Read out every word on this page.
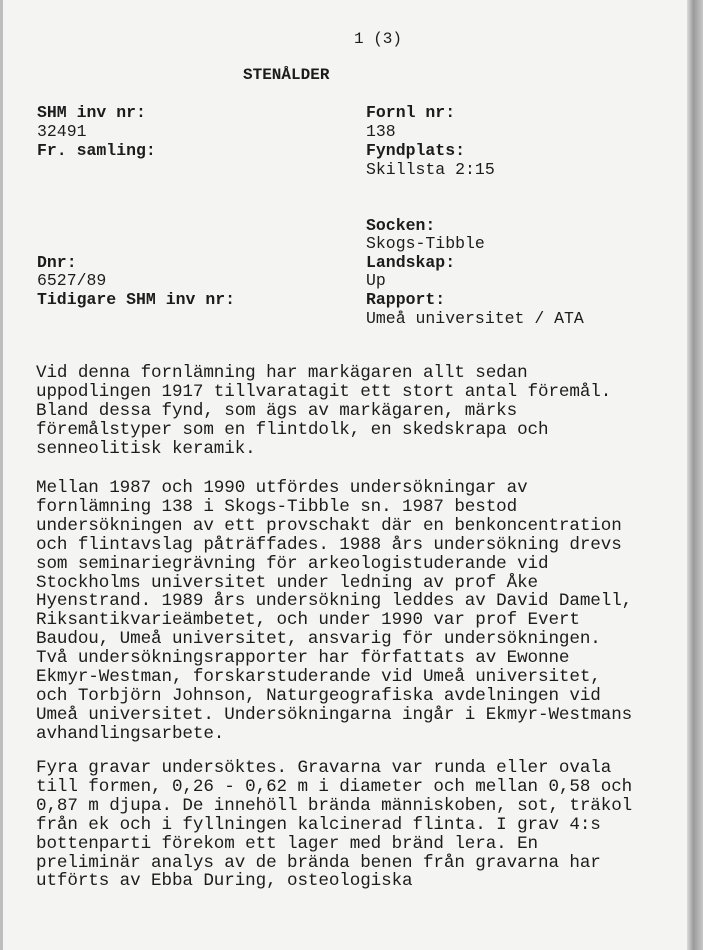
1 (3)
STENÅLDER
SHM inv nr:
32491
Fr. samling:
Dnr:
6527/89
Tidigare SHM inv nr:
Fornl nr:
138
Fyndplats:
Skillsta 2:15
Socken:
Skogs-Tibble
Landskap:
Up
Rapport:
Umeå universitet / ATA

Vid denna fornlämning har markägaren allt sedan
uppodlingen 1917 tillvaratagit ett stort antal föremål.
Bland dessa fynd, som ägs av markägaren, märks
föremålstyper som en flintdolk, en skedskrapa och
senneolitisk keramik.

Mellan 1987 och 1990 utfördes undersökningar av
fornlämning 138 i Skogs-Tibble sn. 1987 bestod
undersökningen av ett provschakt där en benkoncentration
och flintavslag påträffades. 1988 års undersökning drevs
som seminariegrävning för arkeologistuderande vid
Stockholms universitet under ledning av prof Åke
Hyenstrand. 1989 års undersökning leddes av David Damell,
Riksantikvarieämbetet, och under 1990 var prof Evert
Baudou, Umeå universitet, ansvarig för undersökningen.
Två undersökningsrapporter har författats av Ewonne
Ekmyr-Westman, forskarstuderande vid Umeå universitet,
och Torbjörn Johnson, Naturgeografiska avdelningen vid
Umeå universitet. Undersökningarna ingår i Ekmyr-Westmans
avhandlingsarbete.

Fyra gravar undersöktes. Gravarna var runda eller ovala
till formen, 0,26 - 0,62 m i diameter och mellan 0,58 och
0,87 m djupa. De innehöll brända människoben, sot, träkol
från ek och i fyllningen kalcinerad flinta. I grav 4:s
bottenparti förekom ett lager med bränd lera. En
preliminär analys av de brända benen från gravarna har
utförts av Ebba During, osteologiska
